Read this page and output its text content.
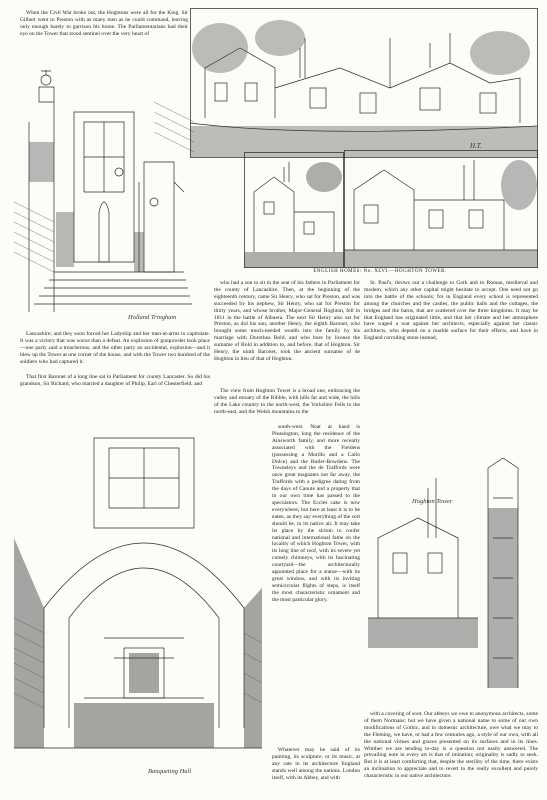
When the Civil War broke out, the Hoghtons were all for the King. Sir Gilbert went to Preston with as many men as he could command, leaving only enough barely to garrison his home. The Parliamentarians had their eye on the Tower that stood sentinel over the very heart of
Holland Tringham
H.T.
ENGLISH HOMES: No. XLVI.—HOGHTON TOWER.
Lancashire; and they soon forced her Ladyship and her men-at-arms to capitulate. It was a victory that was worse than a defeat. An explosion of gunpowder took place—one party said a treacherous, and the other party an accidental, explosion—and it blew up the Tower at one corner of the house, and with the Tower two hundred of the soldiers who had captured it.
That first Baronet of a long line sat in Parliament for county Lancaster. So did his grandson, Sir Richard, who married a daughter of Philip, Earl of Chesterfield, and
who had a son to sit in the seat of his fathers in Parliament for the county of Lancashire. Then, at the beginning of the eighteenth century, came Sir Henry, who sat for Preston, and was succeeded by his nephew, Sir Henry, who sat for Preston for thirty years, and whose brother, Major-General Hoghton, fell in 1811 in the battle of Albuera. The next Sir Henry also sat for Preston, as did his son, another Henry, the eighth Baronet, who brought some much-needed wealth into the family by his marriage with Dorothea Bold, and who bore by license the surname of Bold in addition to, and before, that of Hoghton. Sir Henry, the ninth Baronet, took the ancient surname of de Hoghton in lieu of that of Hoghton.
The view from Hoghton Tower is a broad one, embracing the valley and estuary of the Ribble, with hills far and wide, the hills of the Lake country to the north-west, the Yorkshire Fells to the north-east, and the Welsh mountains to the
south-west. Near at hand is Pleasington, long the residence of the Ainsworth family, and more recently associated with the Fieldens (possessing a Murillo and a Carlo Dolce) and the Butler-Bowdens. The Towneleys and the de Traffords were once great magnates not far away, the Traffords with a pedigree dating from the days of Canute and a property that in our own time has passed to the speculators. The Eccles cake is now everywhere; but here at least it is to be eaten, as they say everything of the sort should be, in its native air. It may take its place by the sirloin to confer national and international fame on the locality of which Hoghton Tower, with its long line of roof, with its severe yet comely chimneys, with its fascinating courtyard—the architecturally appointed place for a statue—with its great window, and with its inviting semicircular flights of steps, is itself the most characteristic ornament and the most particular glory.
Whatever may be said of its painting, its sculpture, or its music, at any rate in its architecture England stands well among the nations. London itself, with its Abbey, and with
St. Paul's, throws out a challenge to Goth and to Roman, mediæval and modern, which any other capital might hesitate to accept. One need not go into the battle of the schools; for in England every school is represented among the churches and the castles, the public halls and the cottages, the bridges and the barns, that are scattered over the three kingdoms. It may be that England has originated little, and that her climate and her atmosphere have waged a war against her architects, especially against her classic architects, who depend on a marble surface for their effects, and have in England corroding stone instead,
with a covering of soot. Our abbeys we owe to anonymous architects, some of them Normans; but we have given a national name to some of our own modifications of Gothic, and in domestic architecture, owe what we may to the Fleming, we have, or had a few centuries ago, a style of our own, with all the national virtues and graces presented on its surfaces and in its lines. Whither we are tending to-day is a question not easily answered. The prevailing note in every art is that of imitation; originality is sadly to seek. But it is at least comforting that, despite the sterility of the time, there exists an inclination to appreciate and to revert to the really excellent and purely characteristic in our native architecture.
Banqueting Hall
Hoghton Tower
